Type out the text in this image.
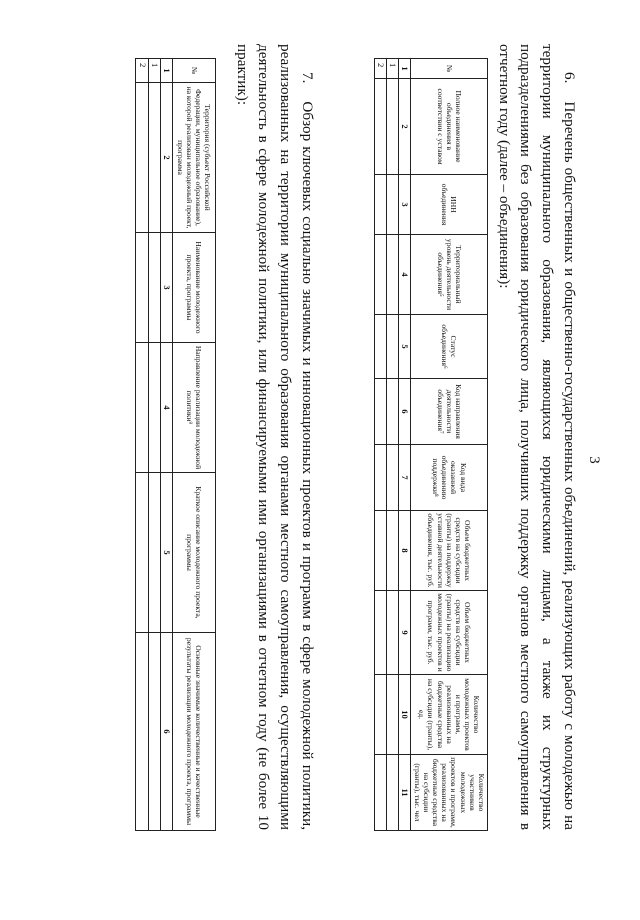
3

6.Перечень общественных и общественно-государственных объединений, реализующих работу с молодежью на территории муниципального образования, являющихся юридическими лицами, а также их структурных подразделениями без образования юридического лица, получивших поддержку органов местного самоуправления в отчетном году (далее – объединения):

№	Полное наименование объединения в соответствии с уставом	ИНН объединения	Территориальный уровень деятельности объединения⁵	Статус объединения⁶	Код направления деятельности объединения⁷	Код вида оказанной объединению поддержки⁸	Объем бюджетных средств на субсидии (гранты) на поддержку уставной деятельности объединения, тыс. руб.	Объем бюджетных средств на субсидии (гранты) на реализацию молодежных проектов и программ, тыс. руб.	Количество молодежных проектов и программ, реализованных на бюджетные средства на субсидии (гранты), ед.	Количество участников молодежных проектов и программ, реализованных на бюджетные средства на субсидии (гранты), тыс. чел
1	2	3	4	5	6	7	8	9	10	11
1										
2										

7.Обзор ключевых социально значимых и инновационных проектов и программ в сфере молодежной политики, реализованных на территории муниципального образования органами местного самоуправления, осуществляющими деятельность в сфере молодежной политики, или финансируемыми ими организациями в отчетном году (не более 10 практик):

№	Территория (субъект Российской Федерации, муниципальное образование), на которой реализован молодежный проект, программа	Наименование молодежного проекта, программы	Направление реализации молодежной политики⁹	Краткое описание молодежного проекта, программы	Основные значимые количественные и качественные результаты реализации молодежного проекта, программы
1	2	3	4	5	6
1					
2					
